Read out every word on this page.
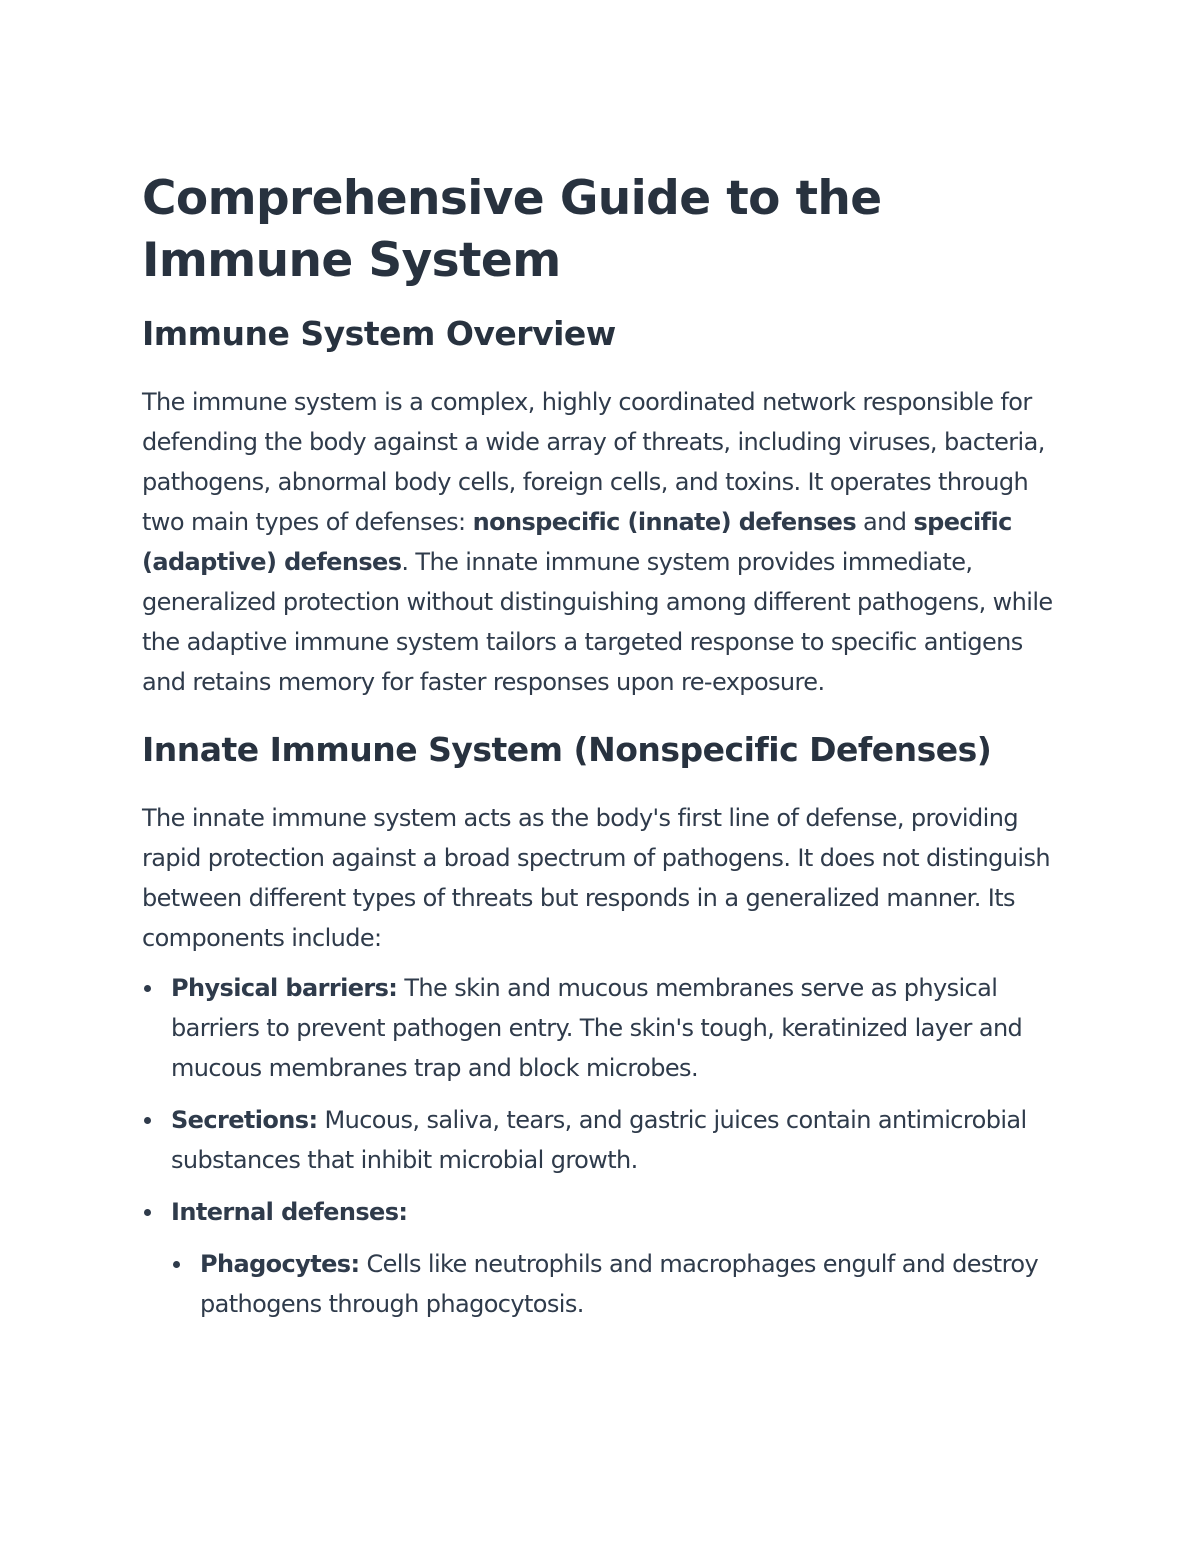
Comprehensive Guide to the Immune System
Immune System Overview

The immune system is a complex, highly coordinated network responsible for defending the body against a wide array of threats, including viruses, bacteria, pathogens, abnormal body cells, foreign cells, and toxins. It operates through two main types of defenses: nonspecific (innate) defenses and specific (adaptive) defenses. The innate immune system provides immediate, generalized protection without distinguishing among different pathogens, while the adaptive immune system tailors a targeted response to specific antigens and retains memory for faster responses upon re-exposure.

Innate Immune System (Nonspecific Defenses)

The innate immune system acts as the body's first line of defense, providing rapid protection against a broad spectrum of pathogens. It does not distinguish between different types of threats but responds in a generalized manner. Its components include:

Physical barriers: The skin and mucous membranes serve as physical barriers to prevent pathogen entry. The skin's tough, keratinized layer and mucous membranes trap and block microbes.
Secretions: Mucous, saliva, tears, and gastric juices contain antimicrobial substances that inhibit microbial growth.
Internal defenses:
Phagocytes: Cells like neutrophils and macrophages engulf and destroy pathogens through phagocytosis.
